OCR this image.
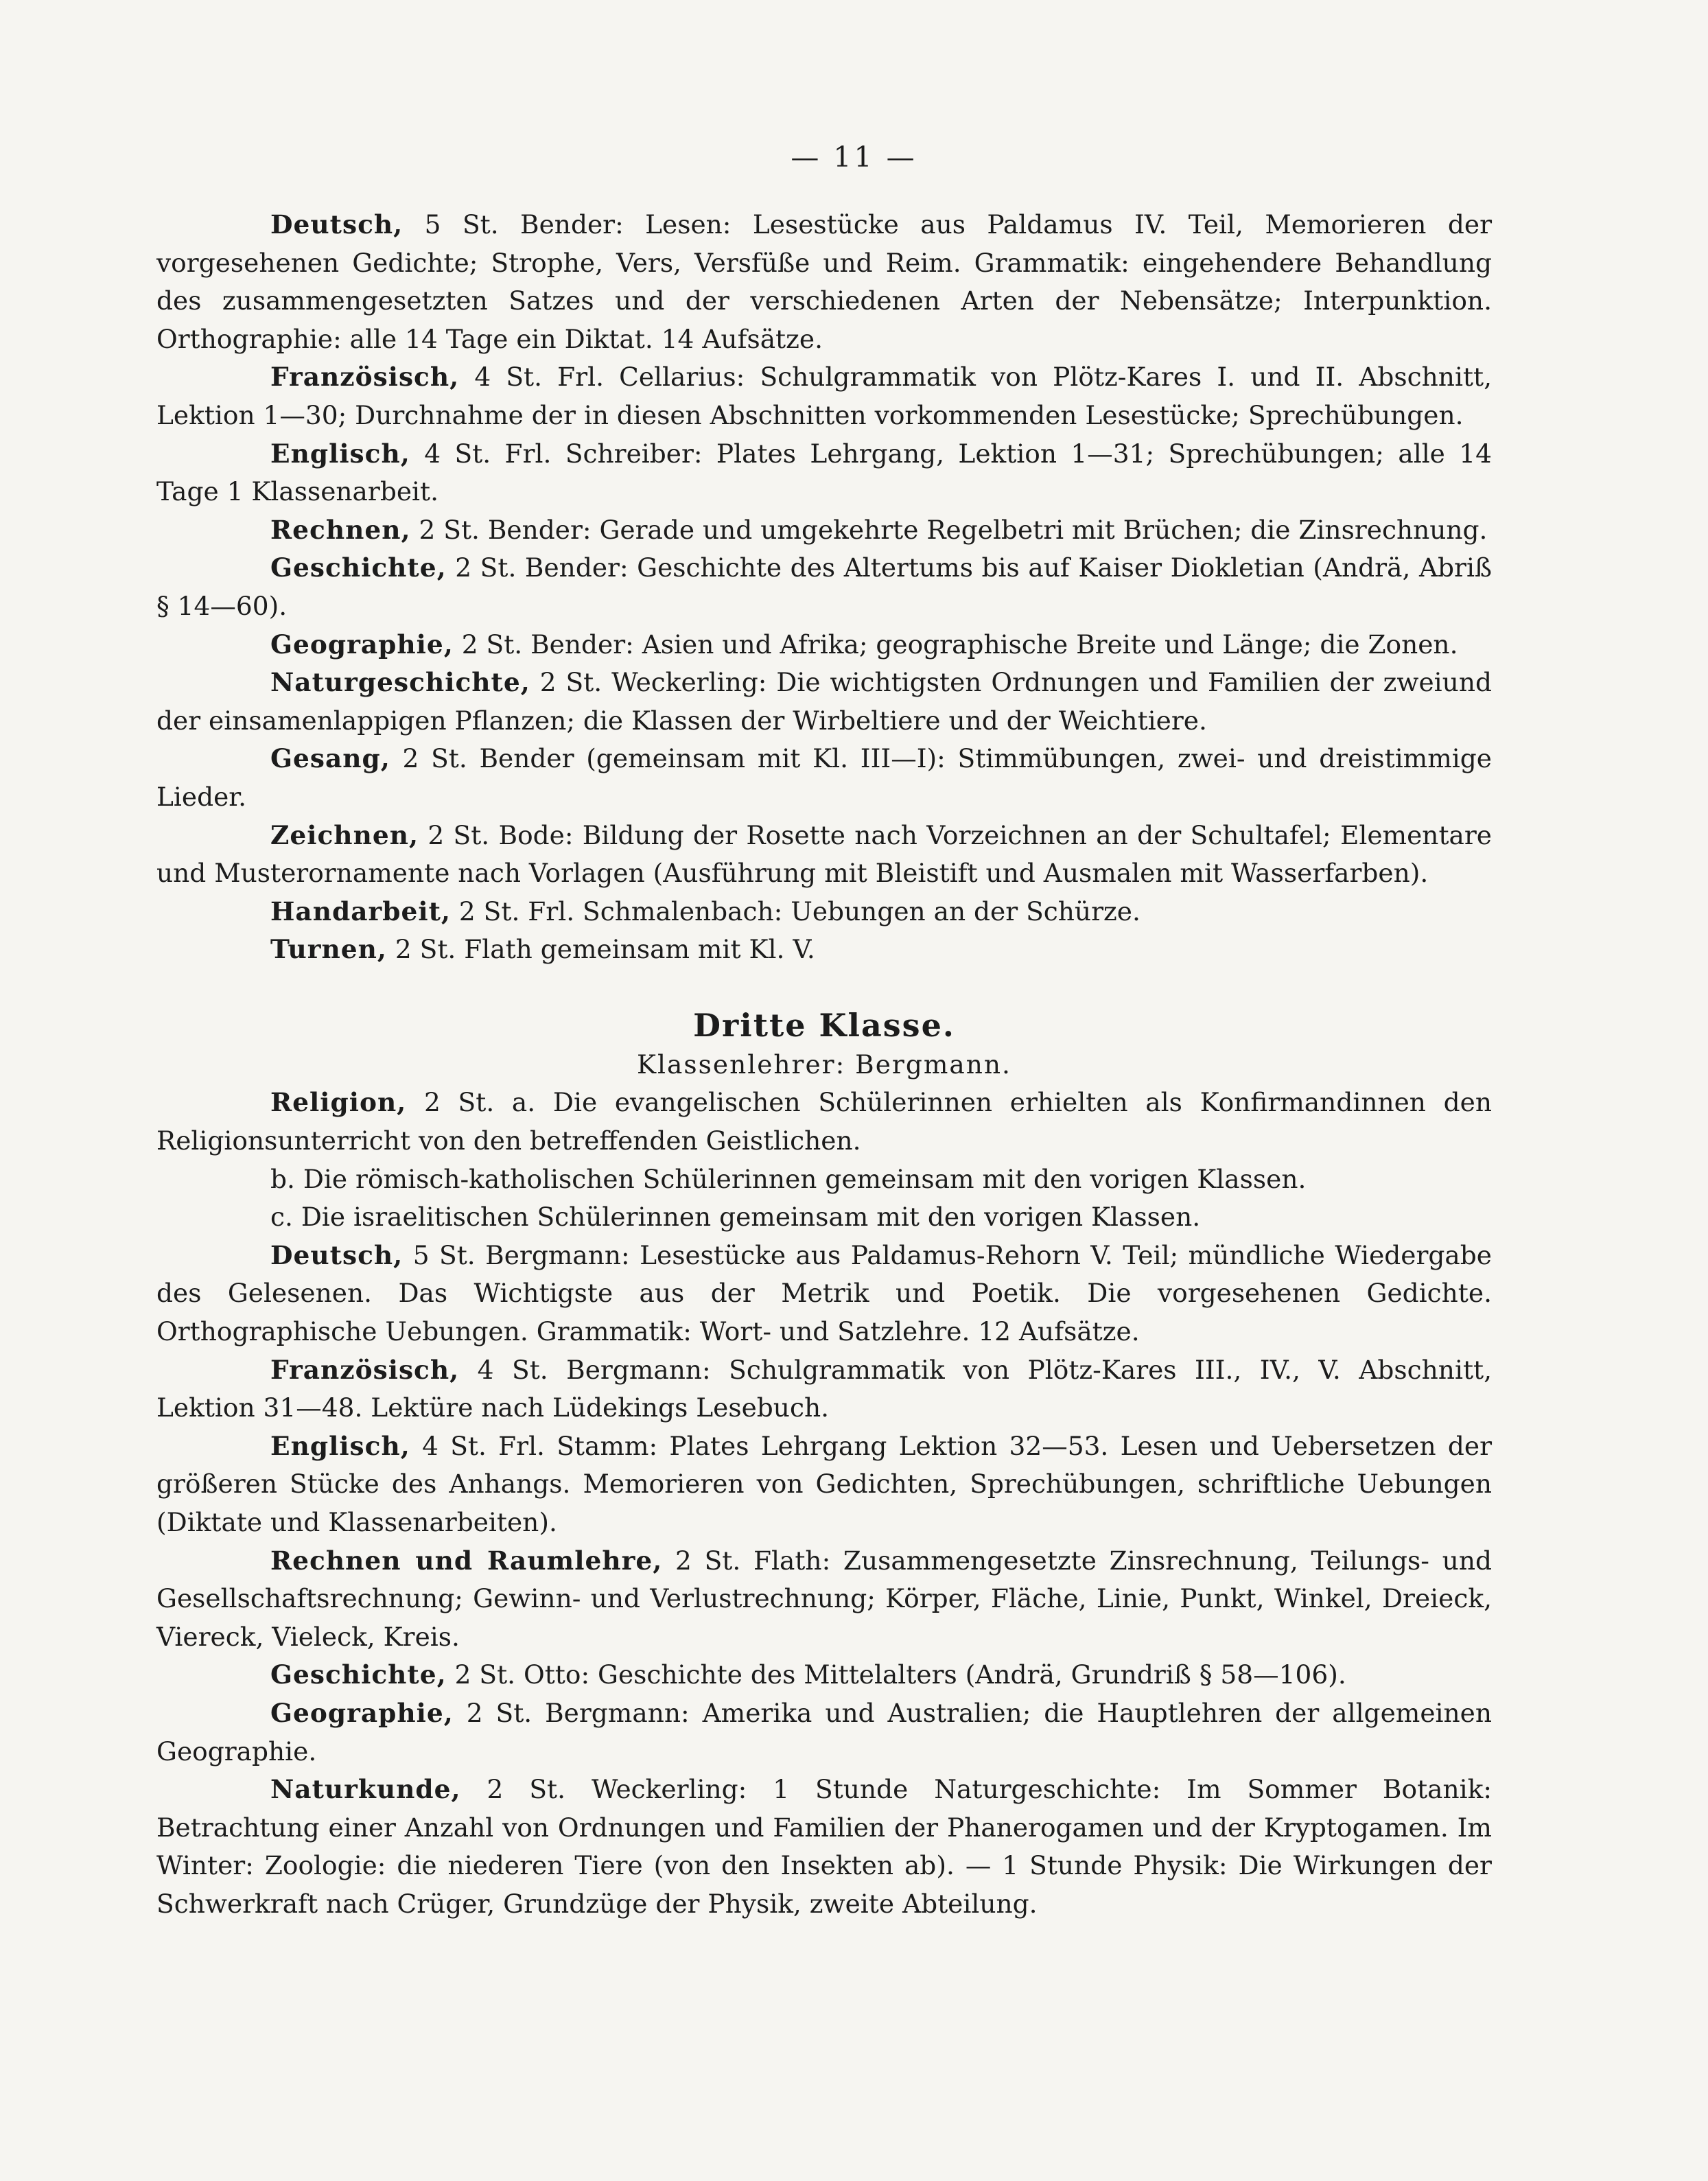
— 11 —

Deutsch, 5 St. Bender: Lesen: Lesestücke aus Paldamus IV. Teil, Memorieren der vorgesehenen Gedichte; Strophe, Vers, Versfüße und Reim. Grammatik: eingehendere Behandlung des zusammengesetzten Satzes und der verschiedenen Arten der Nebensätze; Interpunktion. Orthographie: alle 14 Tage ein Diktat. 14 Aufsätze.

Französisch, 4 St. Frl. Cellarius: Schulgrammatik von Plötz-Kares I. und II. Abschnitt, Lektion 1—30; Durchnahme der in diesen Abschnitten vorkommenden Lesestücke; Sprechübungen.

Englisch, 4 St. Frl. Schreiber: Plates Lehrgang, Lektion 1—31; Sprechübungen; alle 14 Tage 1 Klassenarbeit.

Rechnen, 2 St. Bender: Gerade und umgekehrte Regelbetri mit Brüchen; die Zinsrechnung.

Geschichte, 2 St. Bender: Geschichte des Altertums bis auf Kaiser Diokletian (Andrä, Abriß § 14—60).

Geographie, 2 St. Bender: Asien und Afrika; geographische Breite und Länge; die Zonen.

Naturgeschichte, 2 St. Weckerling: Die wichtigsten Ordnungen und Familien der zweiund der einsamenlappigen Pflanzen; die Klassen der Wirbeltiere und der Weichtiere.

Gesang, 2 St. Bender (gemeinsam mit Kl. III—I): Stimmübungen, zwei- und dreistimmige Lieder.

Zeichnen, 2 St. Bode: Bildung der Rosette nach Vorzeichnen an der Schultafel; Elementare und Musterornamente nach Vorlagen (Ausführung mit Bleistift und Ausmalen mit Wasserfarben).

Handarbeit, 2 St. Frl. Schmalenbach: Uebungen an der Schürze.

Turnen, 2 St. Flath gemeinsam mit Kl. V.

Dritte Klasse.
Klassenlehrer: Bergmann.

Religion, 2 St. a. Die evangelischen Schülerinnen erhielten als Konfirmandinnen den Religionsunterricht von den betreffenden Geistlichen.

b. Die römisch-katholischen Schülerinnen gemeinsam mit den vorigen Klassen.

c. Die israelitischen Schülerinnen gemeinsam mit den vorigen Klassen.

Deutsch, 5 St. Bergmann: Lesestücke aus Paldamus-Rehorn V. Teil; mündliche Wiedergabe des Gelesenen. Das Wichtigste aus der Metrik und Poetik. Die vorgesehenen Gedichte. Orthographische Uebungen. Grammatik: Wort- und Satzlehre. 12 Aufsätze.

Französisch, 4 St. Bergmann: Schulgrammatik von Plötz-Kares III., IV., V. Abschnitt, Lektion 31—48. Lektüre nach Lüdekings Lesebuch.

Englisch, 4 St. Frl. Stamm: Plates Lehrgang Lektion 32—53. Lesen und Uebersetzen der größeren Stücke des Anhangs. Memorieren von Gedichten, Sprechübungen, schriftliche Uebungen (Diktate und Klassenarbeiten).

Rechnen und Raumlehre, 2 St. Flath: Zusammengesetzte Zinsrechnung, Teilungs- und Gesellschaftsrechnung; Gewinn- und Verlustrechnung; Körper, Fläche, Linie, Punkt, Winkel, Dreieck, Viereck, Vieleck, Kreis.

Geschichte, 2 St. Otto: Geschichte des Mittelalters (Andrä, Grundriß § 58—106).

Geographie, 2 St. Bergmann: Amerika und Australien; die Hauptlehren der allgemeinen Geographie.

Naturkunde, 2 St. Weckerling: 1 Stunde Naturgeschichte: Im Sommer Botanik: Betrachtung einer Anzahl von Ordnungen und Familien der Phanerogamen und der Kryptogamen. Im Winter: Zoologie: die niederen Tiere (von den Insekten ab). — 1 Stunde Physik: Die Wirkungen der Schwerkraft nach Crüger, Grundzüge der Physik, zweite Abteilung.
